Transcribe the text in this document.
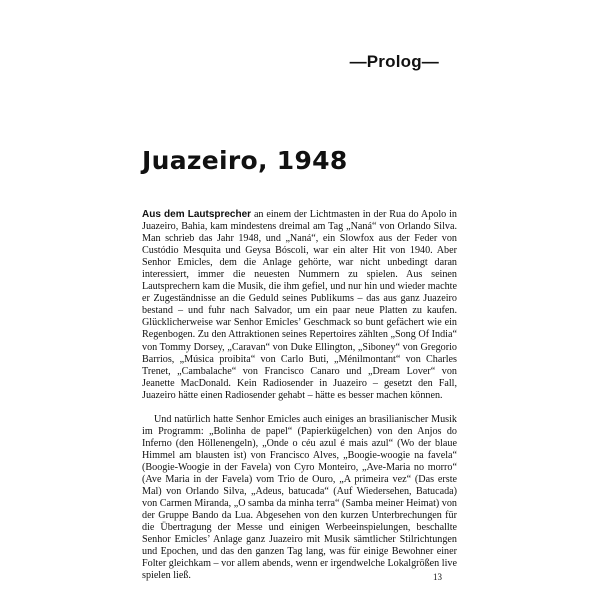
—Prolog—
Juazeiro, 1948

Aus dem Lautsprecher an einem der Lichtmasten in der Rua do Apolo in Juazeiro, Bahia, kam mindestens dreimal am Tag „Naná“ von Orlando Silva. Man schrieb das Jahr 1948, und „Naná“, ein Slowfox aus der Feder von Custódio Mesquita und Geysa Bóscoli, war ein alter Hit von 1940. Aber Senhor Emicles, dem die Anlage gehörte, war nicht unbedingt daran interessiert, immer die neuesten Nummern zu spielen. Aus seinen Lautsprechern kam die Musik, die ihm gefiel, und nur hin und wieder machte er Zugeständnisse an die Geduld seines Publikums – das aus ganz Juazeiro bestand – und fuhr nach Salvador, um ein paar neue Platten zu kaufen. Glücklicherweise war Senhor Emicles’ Geschmack so bunt gefächert wie ein Regenbogen. Zu den Attraktionen seines Repertoires zählten „Song Of India“ von Tommy Dorsey, „Caravan“ von Duke Ellington, „Siboney“ von Gregorio Barrios, „Música proibita“ von Carlo Buti, „Ménilmontant“ von Charles Trenet, „Cambalache“ von Francisco Canaro und „Dream Lover“ von Jeanette MacDonald. Kein Radiosender in Juazeiro – gesetzt den Fall, Juazeiro hätte einen Radiosender gehabt – hätte es besser machen können.

Und natürlich hatte Senhor Emicles auch einiges an brasilianischer Musik im Programm: „Bolinha de papel“ (Papierkügelchen) von den Anjos do Inferno (den Höllenengeln), „Onde o céu azul é mais azul“ (Wo der blaue Himmel am blausten ist) von Francisco Alves, „Boogie-woogie na favela“ (Boogie-Woogie in der Favela) von Cyro Monteiro, „Ave-Maria no morro“ (Ave Maria in der Favela) vom Trio de Ouro, „A primeira vez“ (Das erste Mal) von Orlando Silva, „Adeus, batucada“ (Auf Wiedersehen, Batucada) von Carmen Miranda, „O samba da minha terra“ (Samba meiner Heimat) von der Gruppe Bando da Lua. Abgesehen von den kurzen Unterbrechungen für die Übertragung der Messe und einigen Werbeeinspielungen, beschallte Senhor Emicles’ Anlage ganz Juazeiro mit Musik sämtlicher Stilrichtungen und Epochen, und das den ganzen Tag lang, was für einige Bewohner einer Folter gleichkam – vor allem abends, wenn er irgendwelche Lokalgrößen live spielen ließ.	13
